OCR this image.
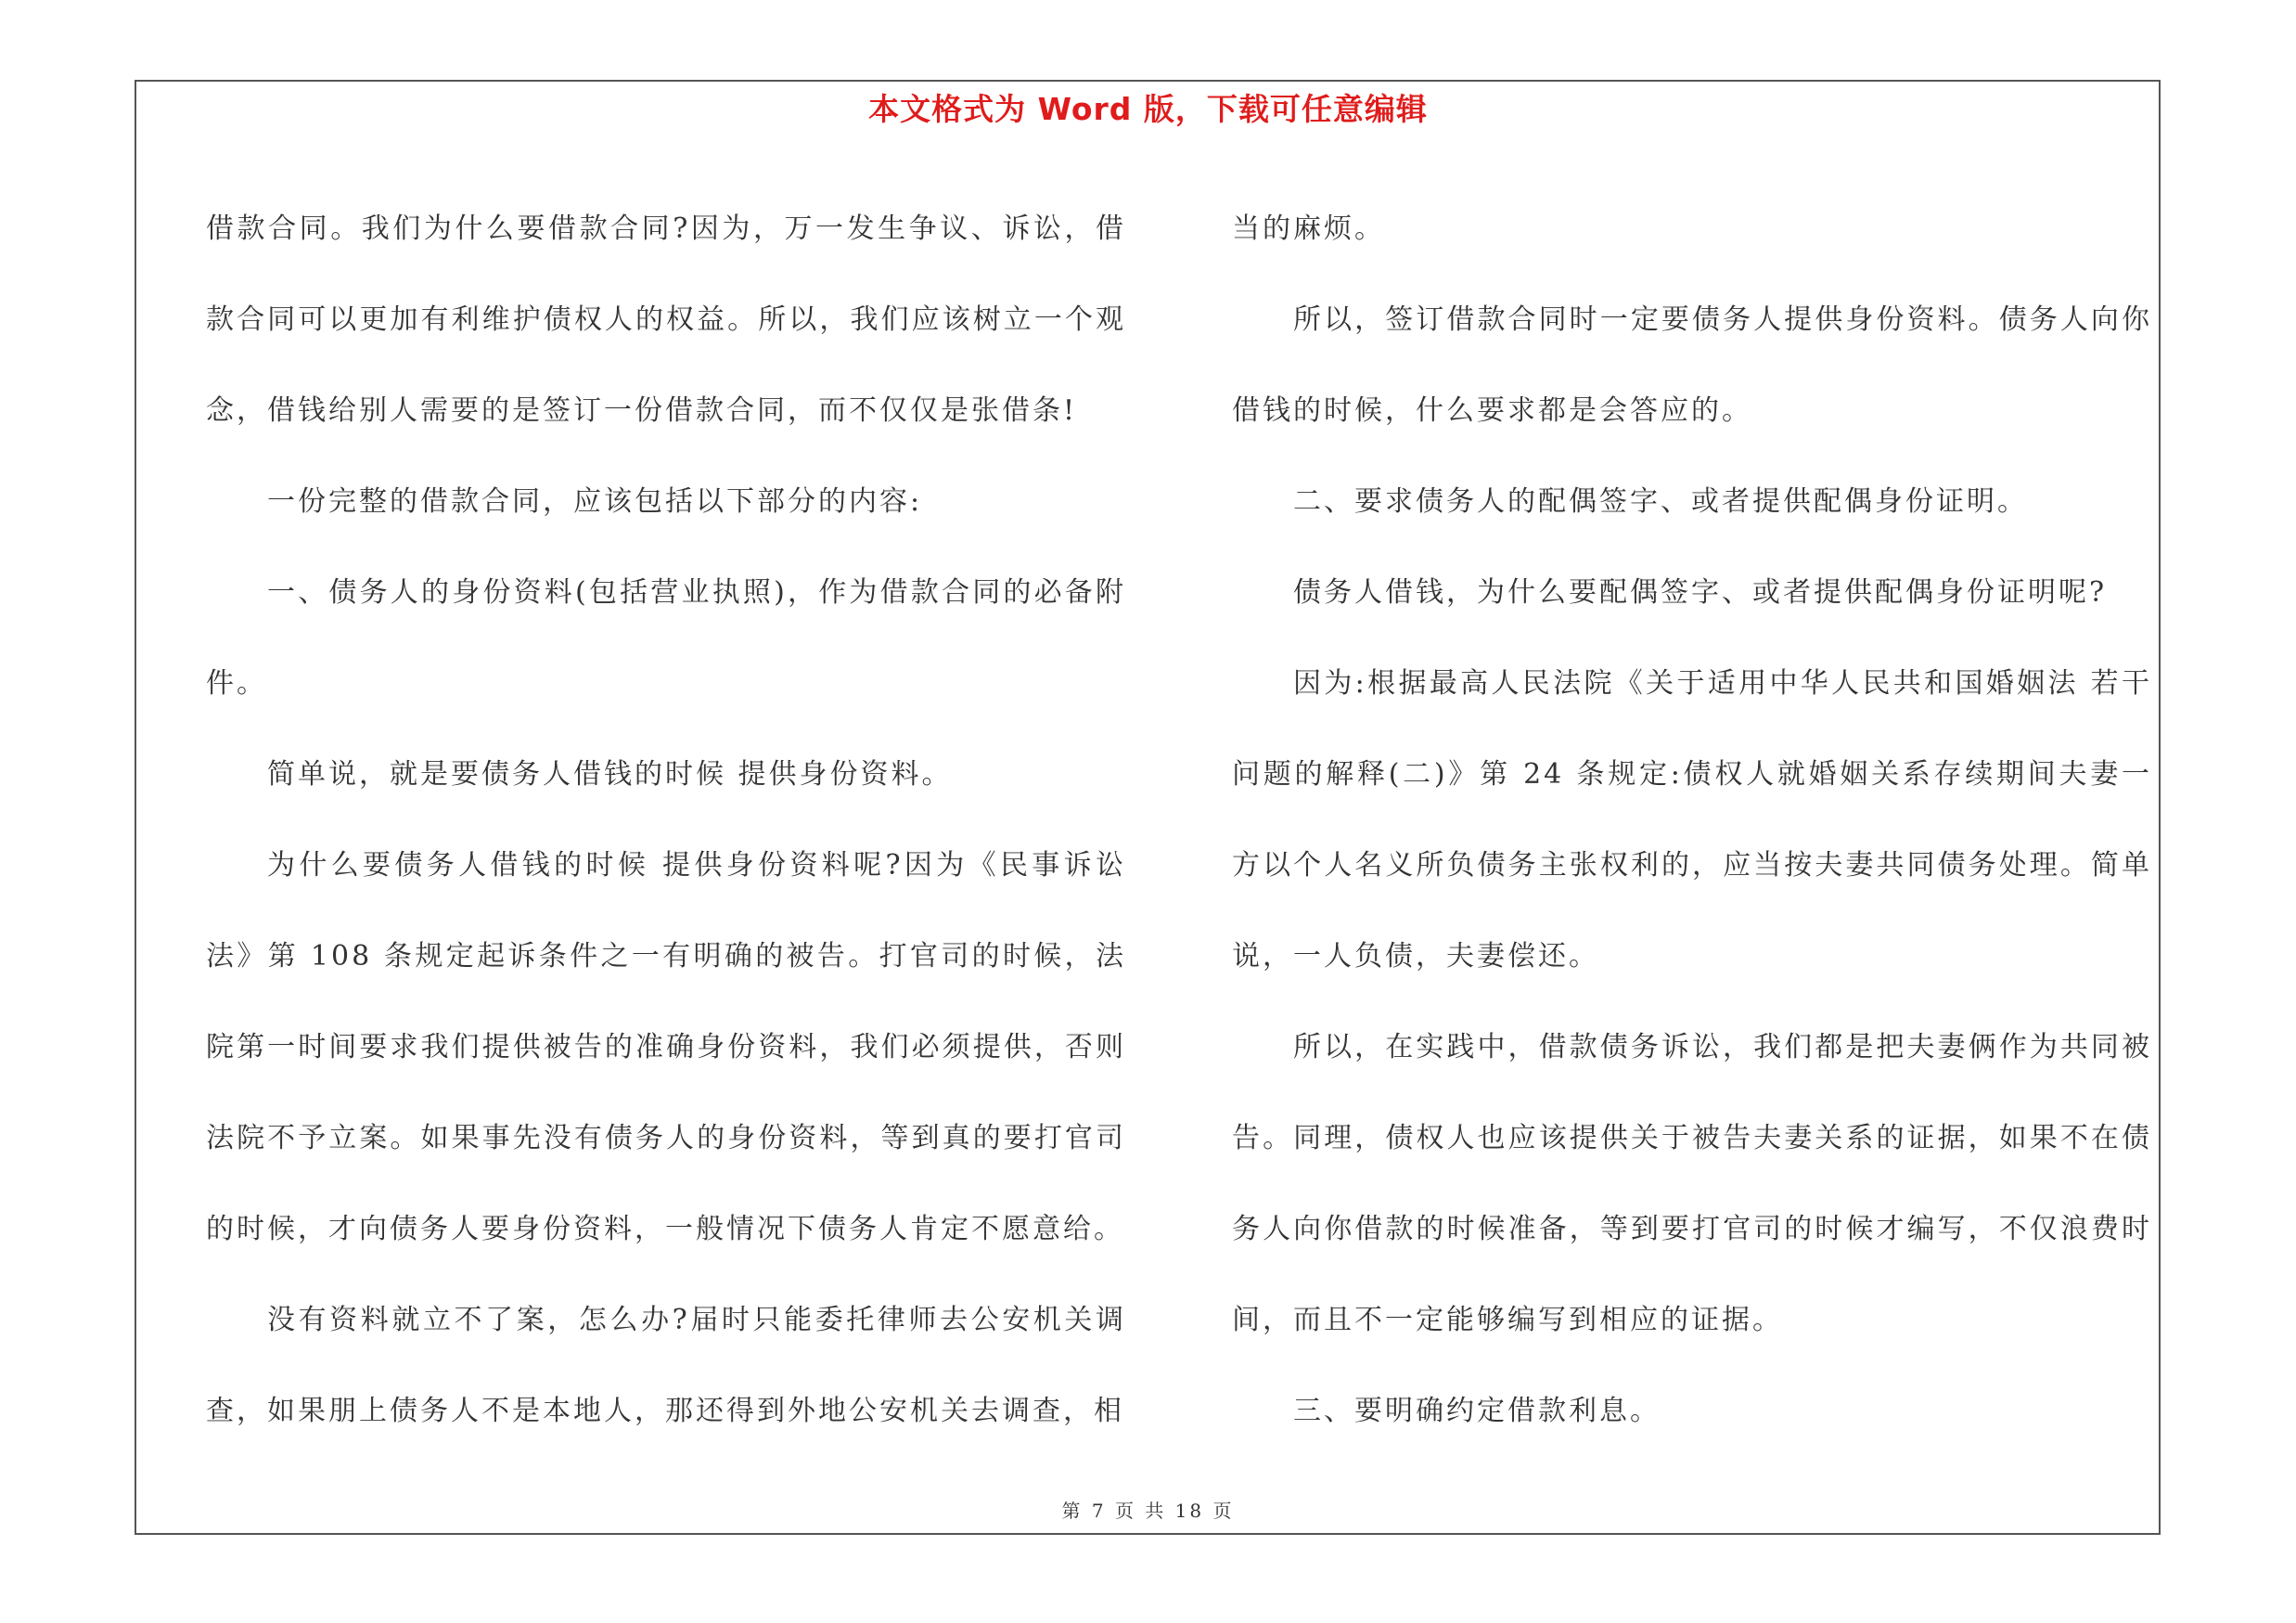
本文格式为 Word 版，下载可任意编辑

借款合同。我们为什么要借款合同?因为，万一发生争议、诉讼，借款合同可以更加有利维护债权人的权益。所以，我们应该树立一个观念，借钱给别人需要的是签订一份借款合同，而不仅仅是张借条!

一份完整的借款合同，应该包括以下部分的内容:

一、债务人的身份资料(包括营业执照)，作为借款合同的必备附件。

简单说，就是要债务人借钱的时候 提供身份资料。

为什么要债务人借钱的时候 提供身份资料呢?因为《民事诉讼法》第 108 条规定起诉条件之一有明确的被告。打官司的时候，法院第一时间要求我们提供被告的准确身份资料，我们必须提供，否则法院不予立案。如果事先没有债务人的身份资料，等到真的要打官司的时候，才向债务人要身份资料，一般情况下债务人肯定不愿意给。

没有资料就立不了案，怎么办?届时只能委托律师去公安机关调查，如果朋上债务人不是本地人，那还得到外地公安机关去调查，相

当的麻烦。

所以，签订借款合同时一定要债务人提供身份资料。债务人向你借钱的时候，什么要求都是会答应的。

二、要求债务人的配偶签字、或者提供配偶身份证明。

债务人借钱，为什么要配偶签字、或者提供配偶身份证明呢?

因为:根据最高人民法院《关于适用中华人民共和国婚姻法 若干问题的解释(二)》第 24 条规定:债权人就婚姻关系存续期间夫妻一方以个人名义所负债务主张权利的，应当按夫妻共同债务处理。简单说，一人负债，夫妻偿还。

所以，在实践中，借款债务诉讼，我们都是把夫妻俩作为共同被告。同理，债权人也应该提供关于被告夫妻关系的证据，如果不在债务人向你借款的时候准备，等到要打官司的时候才编写，不仅浪费时间，而且不一定能够编写到相应的证据。

三、要明确约定借款利息。

第 7 页 共 18 页
